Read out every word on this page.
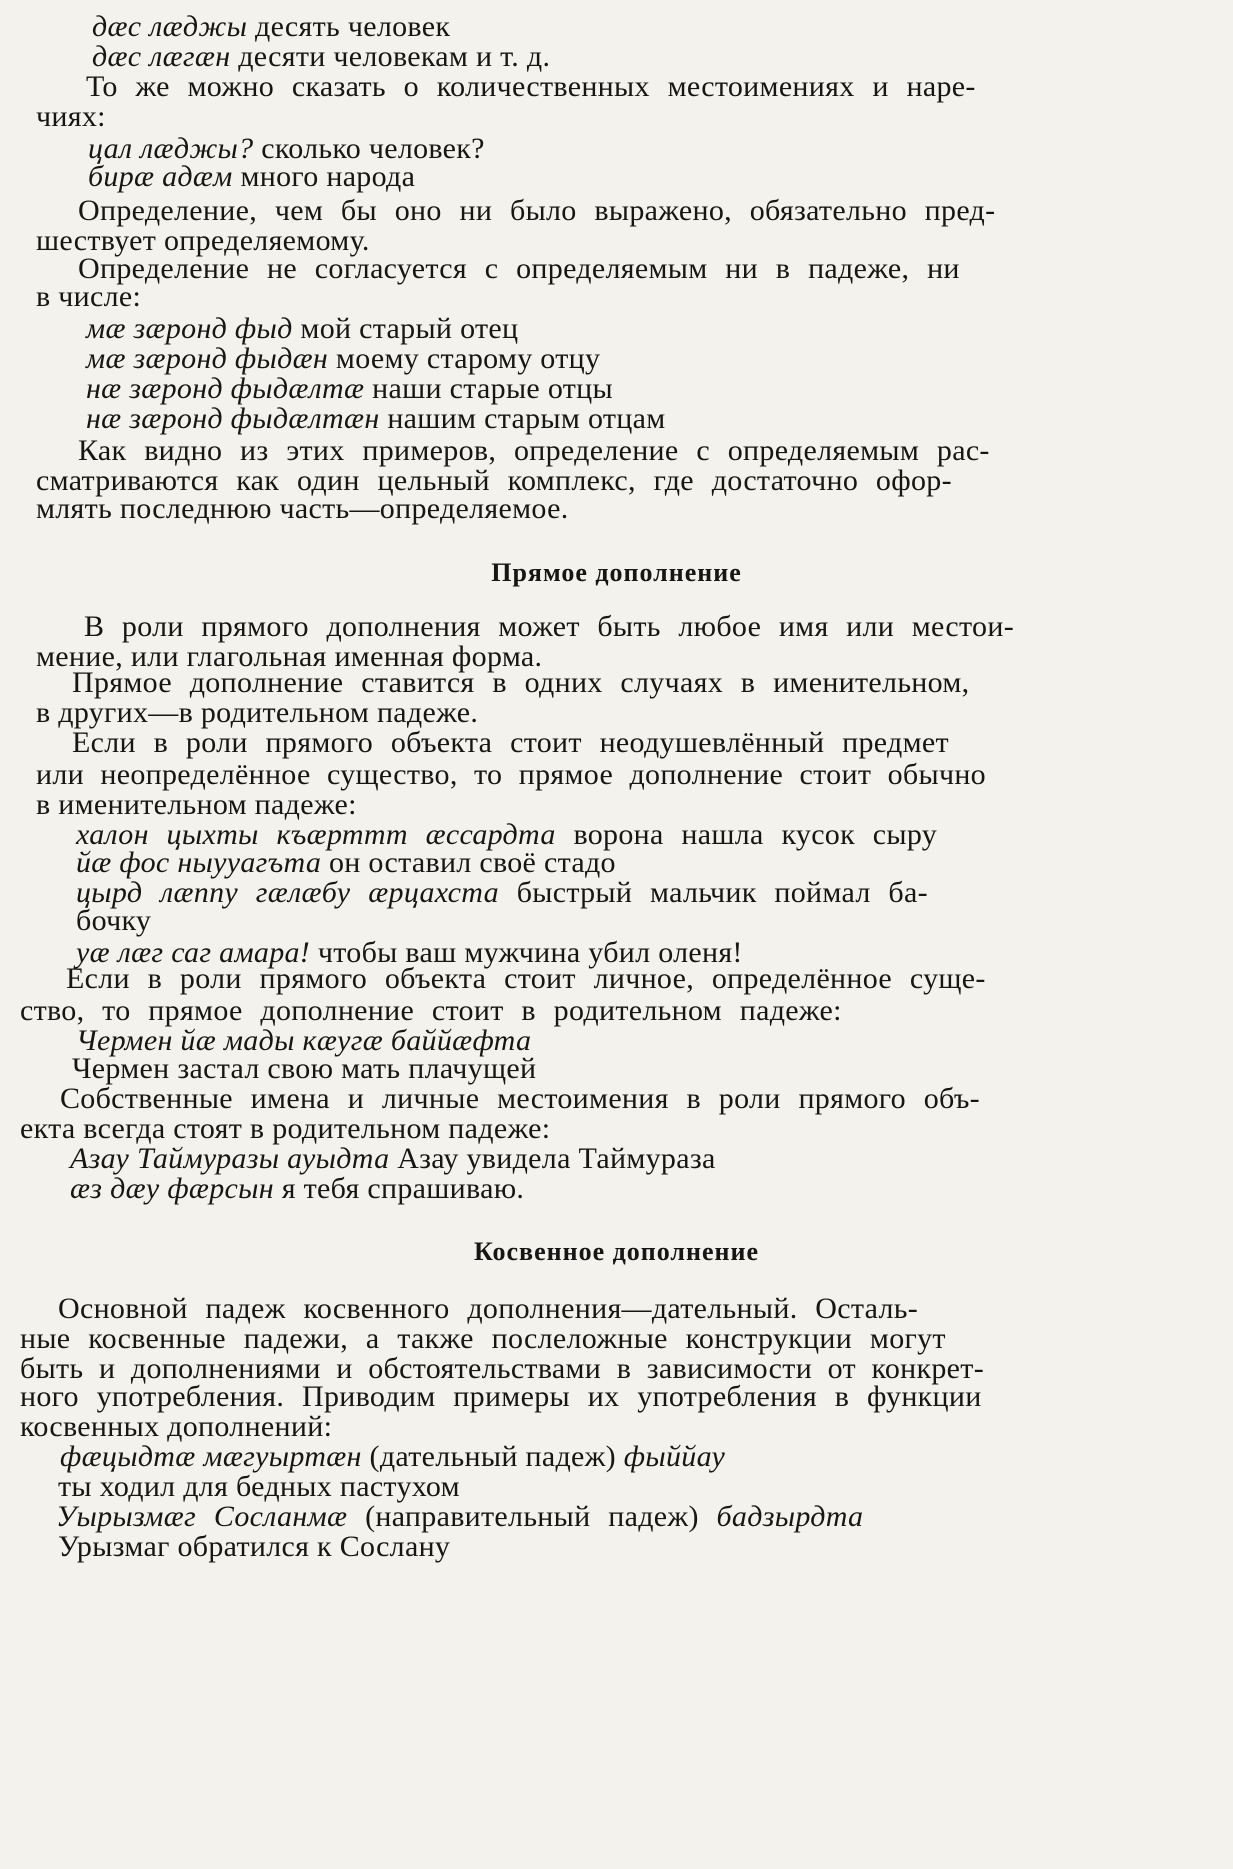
Прямое дополнение
Косвенное дополнение
дæс лæджы десять человек
дæс лæгæн десяти человекам и т. д.
То же можно сказать о количественных местоимениях и наре-
чиях:
цал лæджы? сколько человек?
бирæ адæм много народа
Определение, чем бы оно ни было выражено, обязательно пред-
шествует определяемому.
Определение не согласуется с определяемым ни в падеже, ни
в числе:
мæ зæронд фыд мой старый отец
мæ зæронд фыдæн моему старому отцу
нæ зæронд фыдæлтæ наши старые отцы
нæ зæронд фыдæлтæн нашим старым отцам
Как видно из этих примеров, определение с определяемым рас-
сматриваются как один цельный комплекс, где достаточно офор-
млять последнюю часть—определяемое.
В роли прямого дополнения может быть любое имя или местои-
мение, или глагольная именная форма.
Прямое дополнение ставится в одних случаях в именительном,
в других—в родительном падеже.
Если в роли прямого объекта стоит неодушевлённый предмет
или неопределённое существо, то прямое дополнение стоит обычно
в именительном падеже:
халон цыхты къæрттт æссардта ворона нашла кусок сыру
йæ фос ныууагъта он оставил своё стадо
цырд лæппу гæлæбу æрцахста быстрый мальчик поймал ба-
бочку
уæ лæг саг амара! чтобы ваш мужчина убил оленя!
Если в роли прямого объекта стоит личное, определённое суще-
ство, то прямое дополнение стоит в родительном падеже:
Чермен йæ мады кæугæ баййæфта
Чермен застал свою мать плачущей
Собственные имена и личные местоимения в роли прямого объ-
екта всегда стоят в родительном падеже:
Азау Таймуразы ауыдта Азау увидела Таймураза
æз дæу фæрсын я тебя спрашиваю.
Основной падеж косвенного дополнения—дательный. Осталь-
ные косвенные падежи, а также послеложные конструкции могут
быть и дополнениями и обстоятельствами в зависимости от конкрет-
ного употребления. Приводим примеры их употребления в функции
косвенных дополнений:
фæцыдтæ мæгуыртæн (дательный падеж) фыййау
ты ходил для бедных пастухом
Уырызмæг Сосланмæ (направительный падеж) бадзырдта
Урызмаг обратился к Сослану
